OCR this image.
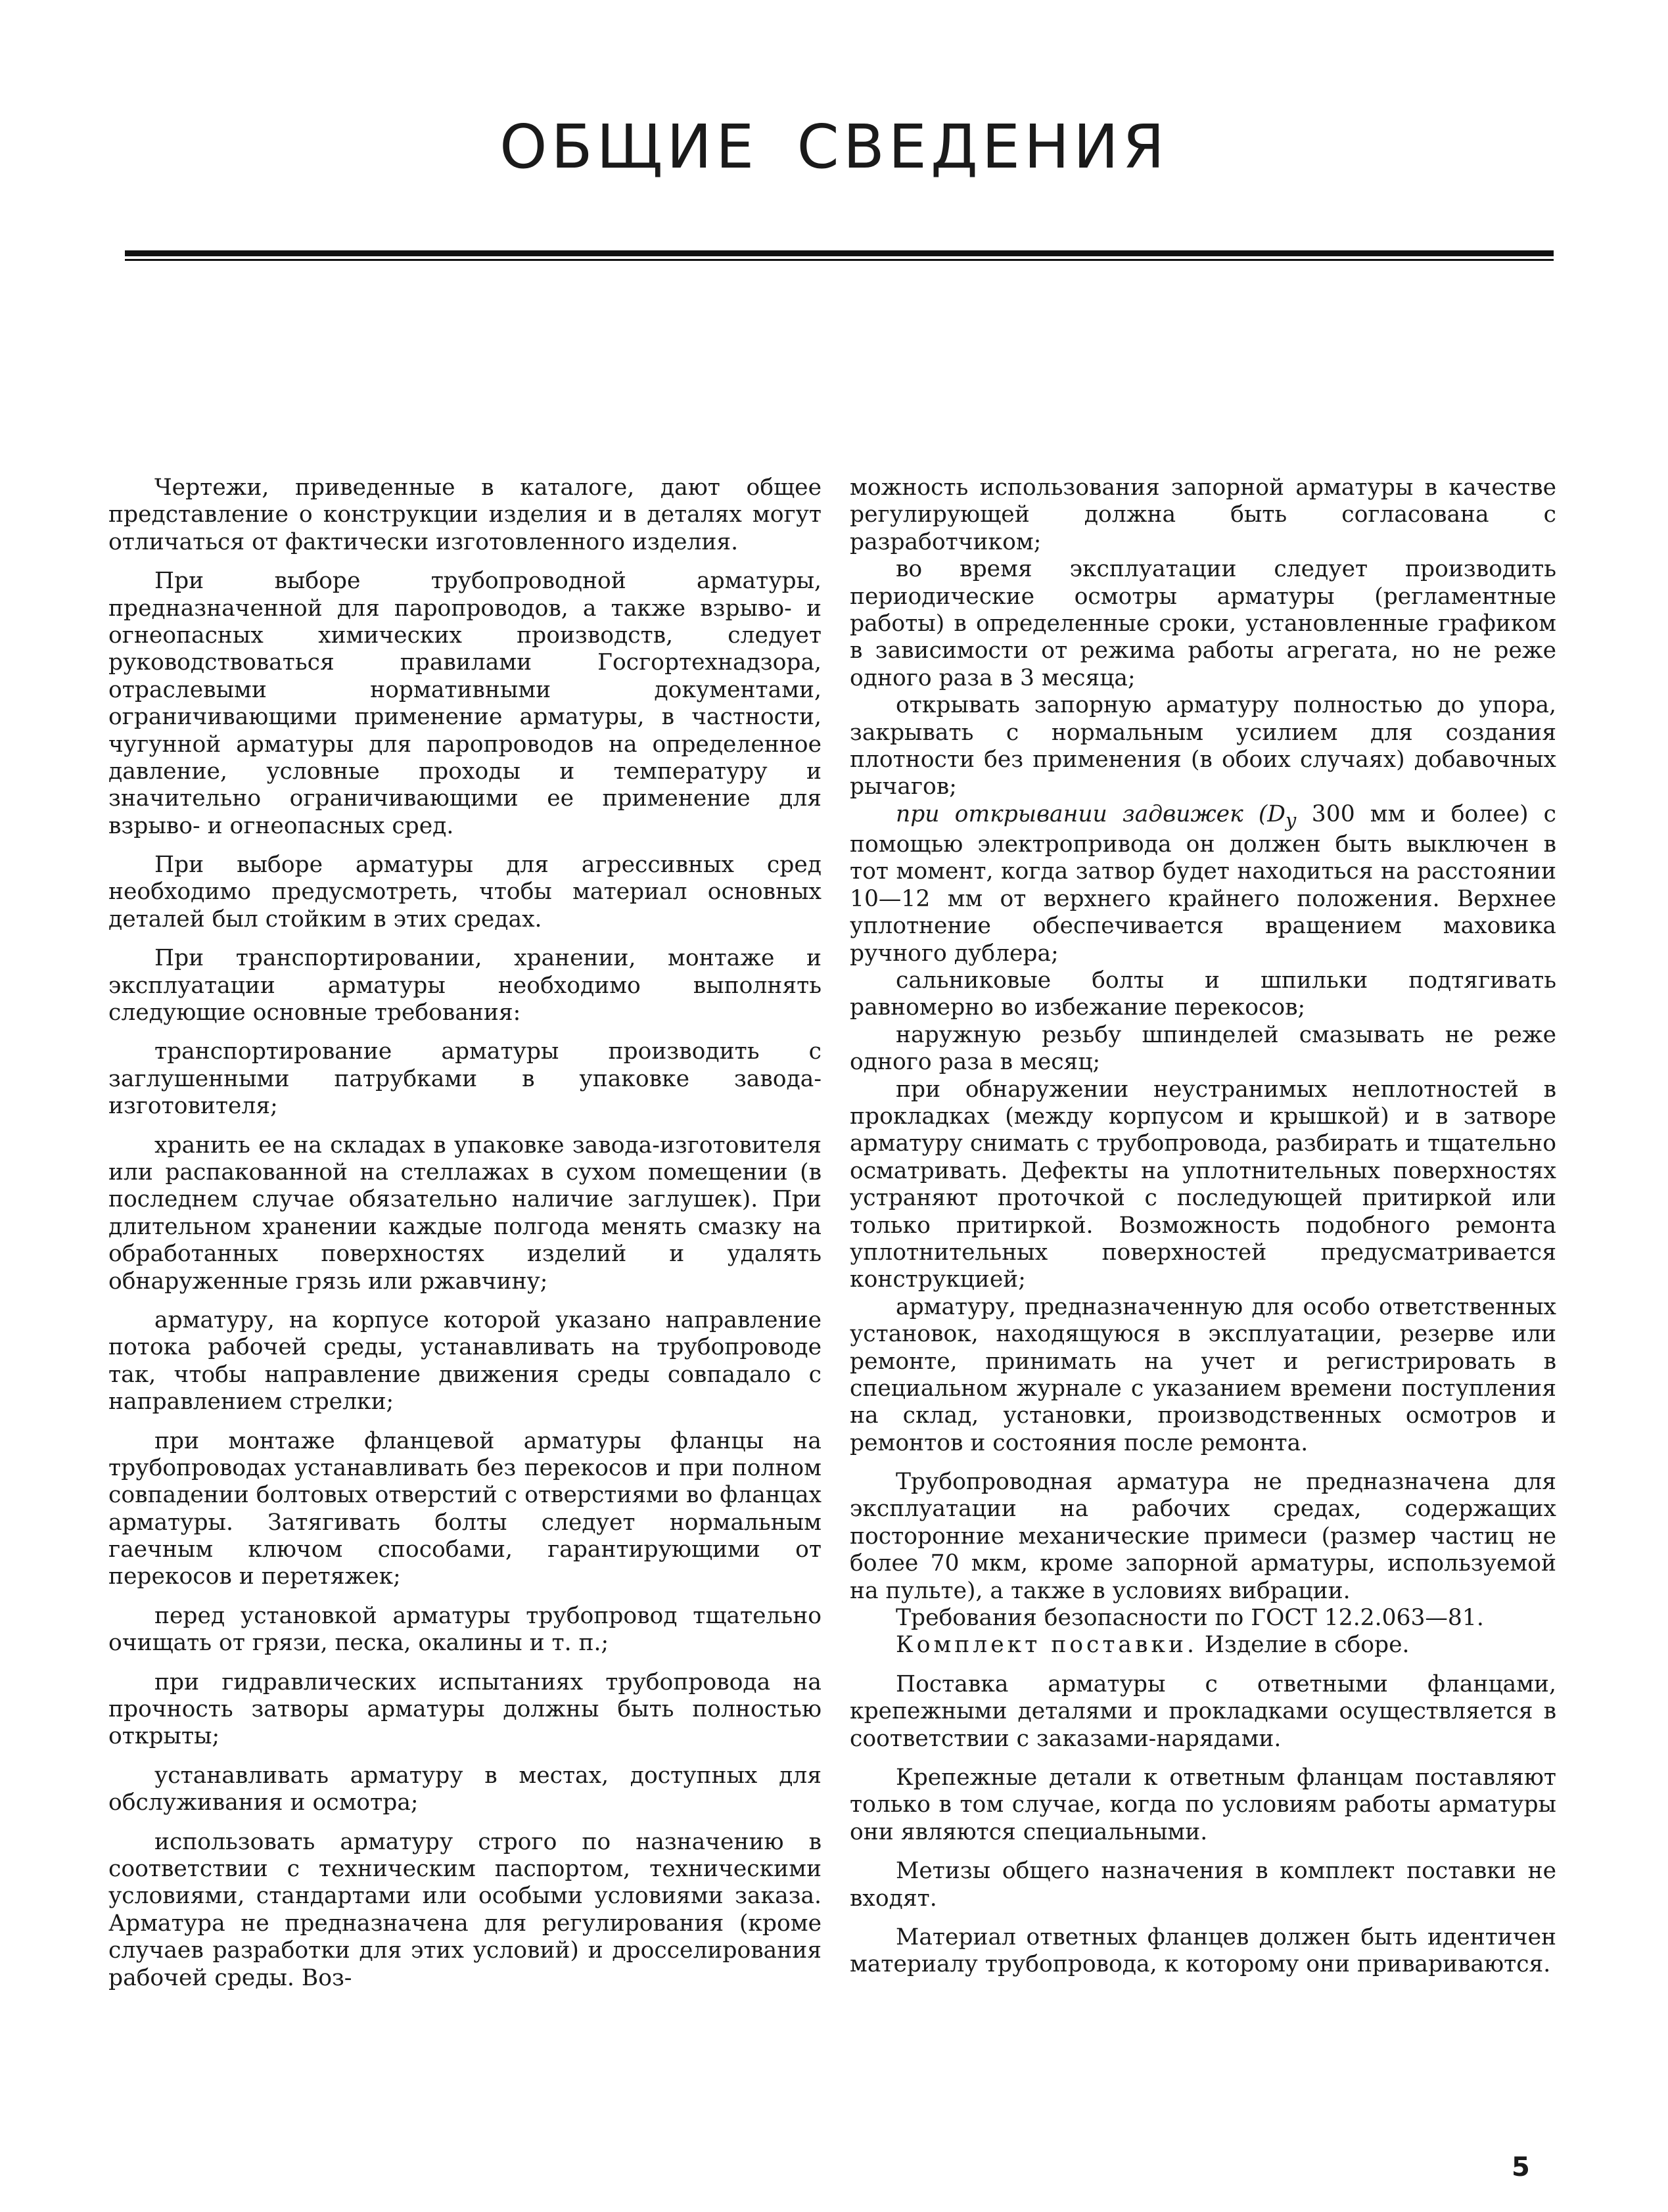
ОБЩИЕ СВЕДЕНИЯ

Чертежи, приведенные в каталоге, дают общее представление о конструкции изделия и в деталях могут отличаться от фактически изготовленного изделия.

При выборе трубопроводной арматуры, предназначенной для паропроводов, а также взрыво- и огнеопасных химических производств, следует руководствоваться правилами Госгортехнадзора, отраслевыми нормативными документами, ограничивающими применение арматуры, в частности, чугунной арматуры для паропроводов на определенное давление, условные проходы и температуру и значительно ограничивающими ее применение для взрыво- и огнеопасных сред.

При выборе арматуры для агрессивных сред необходимо предусмотреть, чтобы материал основных деталей был стойким в этих средах.

При транспортировании, хранении, монтаже и эксплуатации арматуры необходимо выполнять следующие основные требования:

транспортирование арматуры производить с заглушенными патрубками в упаковке завода-изготовителя;

хранить ее на складах в упаковке завода-изготовителя или распакованной на стеллажах в сухом помещении (в последнем случае обязательно наличие заглушек). При длительном хранении каждые полгода менять смазку на обработанных поверхностях изделий и удалять обнаруженные грязь или ржавчину;

арматуру, на корпусе которой указано направление потока рабочей среды, устанавливать на трубопроводе так, чтобы направление движения среды совпадало с направлением стрелки;

при монтаже фланцевой арматуры фланцы на трубопроводах устанавливать без перекосов и при полном совпадении болтовых отверстий с отверстиями во фланцах арматуры. Затягивать болты следует нормальным гаечным ключом способами, гарантирующими от перекосов и перетяжек;

перед установкой арматуры трубопровод тщательно очищать от грязи, песка, окалины и т. п.;

при гидравлических испытаниях трубопровода на прочность затворы арматуры должны быть полностью открыты;

устанавливать арматуру в местах, доступных для обслуживания и осмотра;

использовать арматуру строго по назначению в соответствии с техническим паспортом, техническими условиями, стандартами или особыми условиями заказа. Арматура не предназначена для регулирования (кроме случаев разработки для этих условий) и дросселирования рабочей среды. Воз-

можность использования запорной арматуры в качестве регулирующей должна быть согласована с разработчиком;

во время эксплуатации следует производить периодические осмотры арматуры (регламентные работы) в определенные сроки, установленные графиком в зависимости от режима работы агрегата, но не реже одного раза в 3 месяца;

открывать запорную арматуру полностью до упора, закрывать с нормальным усилием для создания плотности без применения (в обоих случаях) добавочных рычагов;

при открывании задвижек ($D_у$ 300 мм и более) с помощью электропривода он должен быть выключен в тот момент, когда затвор будет находиться на расстоянии 10—12 мм от верхнего крайнего положения. Верхнее уплотнение обеспечивается вращением маховика ручного дублера;

сальниковые болты и шпильки подтягивать равномерно во избежание перекосов;

наружную резьбу шпинделей смазывать не реже одного раза в месяц;

при обнаружении неустранимых неплотностей в прокладках (между корпусом и крышкой) и в затворе арматуру снимать с трубопровода, разбирать и тщательно осматривать. Дефекты на уплотнительных поверхностях устраняют проточкой с последующей притиркой или только притиркой. Возможность подобного ремонта уплотнительных поверхностей предусматривается конструкцией;

арматуру, предназначенную для особо ответственных установок, находящуюся в эксплуатации, резерве или ремонте, принимать на учет и регистрировать в специальном журнале с указанием времени поступления на склад, установки, производственных осмотров и ремонтов и состояния после ремонта.

Трубопроводная арматура не предназначена для эксплуатации на рабочих средах, содержащих посторонние механические примеси (размер частиц не более 70 мкм, кроме запорной арматуры, используемой на пульте), а также в условиях вибрации.

Требования безопасности по ГОСТ 12.2.063—81.

Комплект поставки. Изделие в сборе.

Поставка арматуры с ответными фланцами, крепежными деталями и прокладками осуществляется в соответствии с заказами-нарядами.

Крепежные детали к ответным фланцам поставляют только в том случае, когда по условиям работы арматуры они являются специальными.

Метизы общего назначения в комплект поставки не входят.

Материал ответных фланцев должен быть идентичен материалу трубопровода, к которому они привариваются.

5
